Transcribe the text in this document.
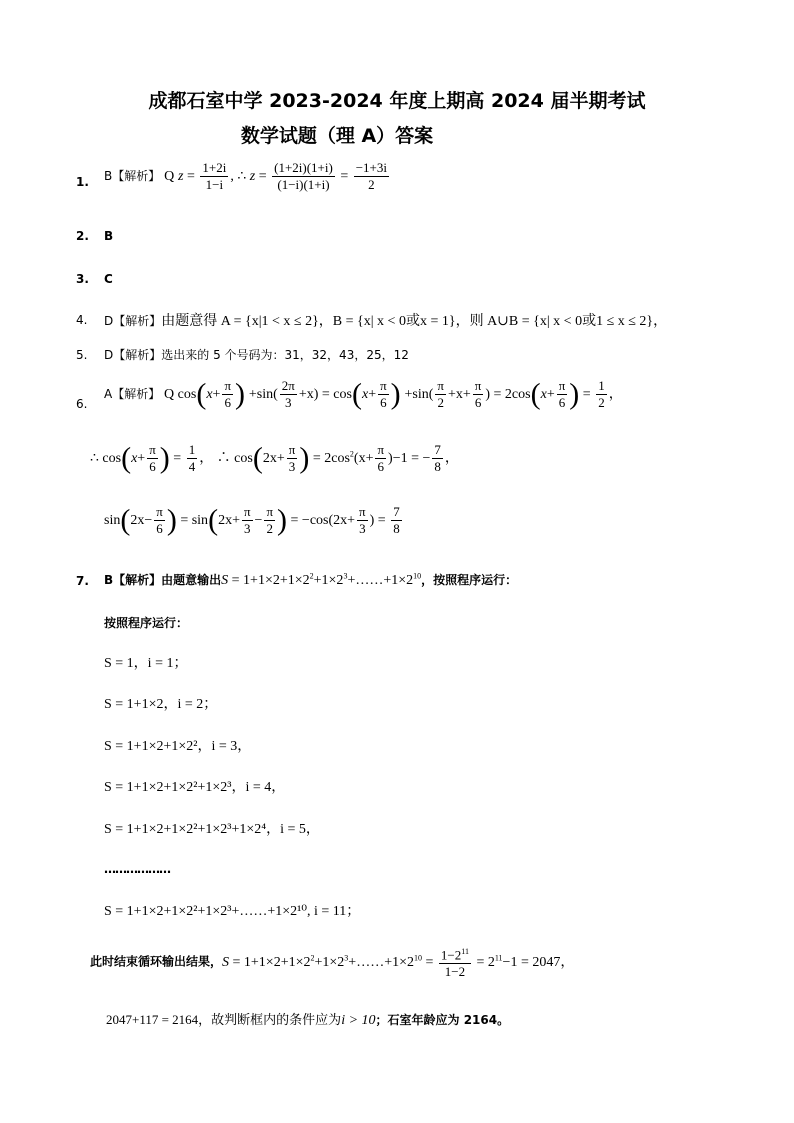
成都石室中学 2023-2024 年度上期高 2024 届半期考试
数学试题（理 A）答案
1. B【解析】 Q $z = \frac{1+2i}{1-i}$ , ∴ $z = \frac{(1+2i)(1+i)}{(1-i)(1+i)} = \frac{-1+3i}{2}$
2. B
3. C
4. D【解析】由题意得 A = {x|1 < x ≤ 2}，B = {x| x < 0或x = 1}，则 A∪B = {x| x < 0或1 ≤ x ≤ 2}，
5. D【解析】选出来的 5 个号码为：31，32，43，25，12
6.
A【解析】 Q $\cos(x+ \frac{\pi}{6}$ ) $+\sin( \frac{2\pi}{3} +x) = \cos(x+ \frac{\pi}{6}$ ) $+\sin( \frac{\pi}{2} +x+ \frac{\pi}{6}$ ) = $2\cos(x+ \frac{\pi}{6}$ ) = $\frac{1}{2}$ ，
∴ $\cos(x+ \frac{\pi}{6}$ ) = $\frac{1}{4}$ ， ∴ $\cos(2x+ \frac{\pi}{3}$ ) = $2\cos^2(x+ \frac{\pi}{6} )-1$ = − $\frac{7}{8}$ ，
$\sin(2x- \frac{\pi}{6}$ ) = $\sin(2x+ \frac{\pi}{3} - \frac{\pi}{2}$ ) = $-\cos(2x+ \frac{\pi}{3}$ ) = $\frac{7}{8}$
7. B【解析】由题意输出$S = 1+1\times 2+1\times 2^2+1\times 2^3+\dots\dots+1\times 2^{10}$，按照程序运行：
按照程序运行：
S = 1，i = 1；
S = 1+1×2，i = 2；
S = 1+1×2+1×2²，i = 3，
S = 1+1×2+1×2²+1×2³，i = 4，
S = 1+1×2+1×2²+1×2³+1×2⁴，i = 5，
………………
S = 1+1×2+1×2²+1×2³+……+1×2¹⁰, i = 11；
此时结束循环输出结果，$S = 1+1\times 2+1\times 2^2+1\times 2^3+\dots\dots+1\times 2^{10} = \frac{1-2^{11}}{1-2} = 2^{11}-1 = 2047$，
2047+117 = 2164，故判断框内的条件应为i > 10；石室年龄应为 2164。
